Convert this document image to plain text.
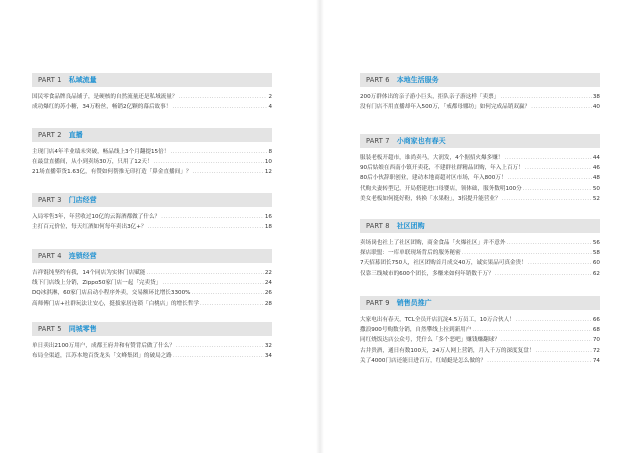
PART 1 私域流量
国民零食品牌良品铺子，是硬核的自然流量还是私域流量？ .....	2
成功爆红的苏小糖，34万粉丝，畅销2亿颗的幕后故事！ .....	4
PART 2 直播
主现门店4年半业绩未突破，畅品线上3个月翻提15倍！ .....	8
在最盘直播间，从小到卖场30万，只用了12天！ .....	10
21场直播带货1.63亿，有赞如何帮推无印打造「鼻金直播间」？ .....	12
PART 3 门店经营
入局零售3年，年营收过10亿的云海酒都做了什么？ .....	16
主打百元价位，每天红酒如何每年卖出3亿+？ .....	18
PART 4 连锁经营
吉祥馄饨坚约有我，14个同店为实体门店赋能 .....	22
线下门店线上分销，Zippo50家门店一起「完卖货」 .....	24
DQ冰淇淋，60家门店启动小程序外卖，交易额环比增长3300% .....	26
高师傅门店+社群玩法让安心，挺拔家居连锁「白桃店」的增长哲学 .....	28
PART 5 同城零售
单日卖出2100万用户，成都王府井和有赞背后做了什么？ .....	32
布局全渠道，江苏本地百货龙头「文峰集团」的破局之路 .....	34
PART 6 本地生活服务
200万群体出的亲子游小巨头，拒队亲子游这样「卖票」 .....	38
没有门店不用直播却年入500万，「戒都母娜坊」如何完成品销双赢？ .....	40
PART 7 小商家也有春天
服装老板开超市，谁尚卖马，大润发，4个据招火爆多赚！ .....	44
90后姑娘在西南小镇开卖花，不建群社群精品团购，年入上百万！ .....	46
80后小伙辞职创业，建动本地商超对区市场，年入800万！ .....	48
代购夫妻转型记，开局搭建进口母婴店，领体础，服务数明100分 .....	50
美女老板如何挺好粉，转换「水果粉」，3招提升能营业？ .....	52
PART 8 社区团购
卖场岗也社上了社区团购，商金食品「火爆社区」并不意外 .....	56
探店联盟：一库单联现场背后的服务秘密 .....	58
7天招募团长750人，社区团购首月成交40万，诚实果品可真金贵！ .....	60
仅靠三线城市的600个团长，多赚来如何年销数千万？ .....	62
PART 9 销售员推广
大家电出有春天，TCL全员开店沉淀4.5万员工，10万合伙人！ .....	66
撒浪900号购数分销，自然攀线上拉到新用户 .....	68
同红烧饭达店公众号，凭什么「多个恶吧」赚钱赚翻球？ .....	70
古井贵酒，通日有数100天，24万人网上营销，月入千万的深度复盘！ .....	72
关了4000门店还能日进百万，红蜻蜓是怎么做的？ .....	74
